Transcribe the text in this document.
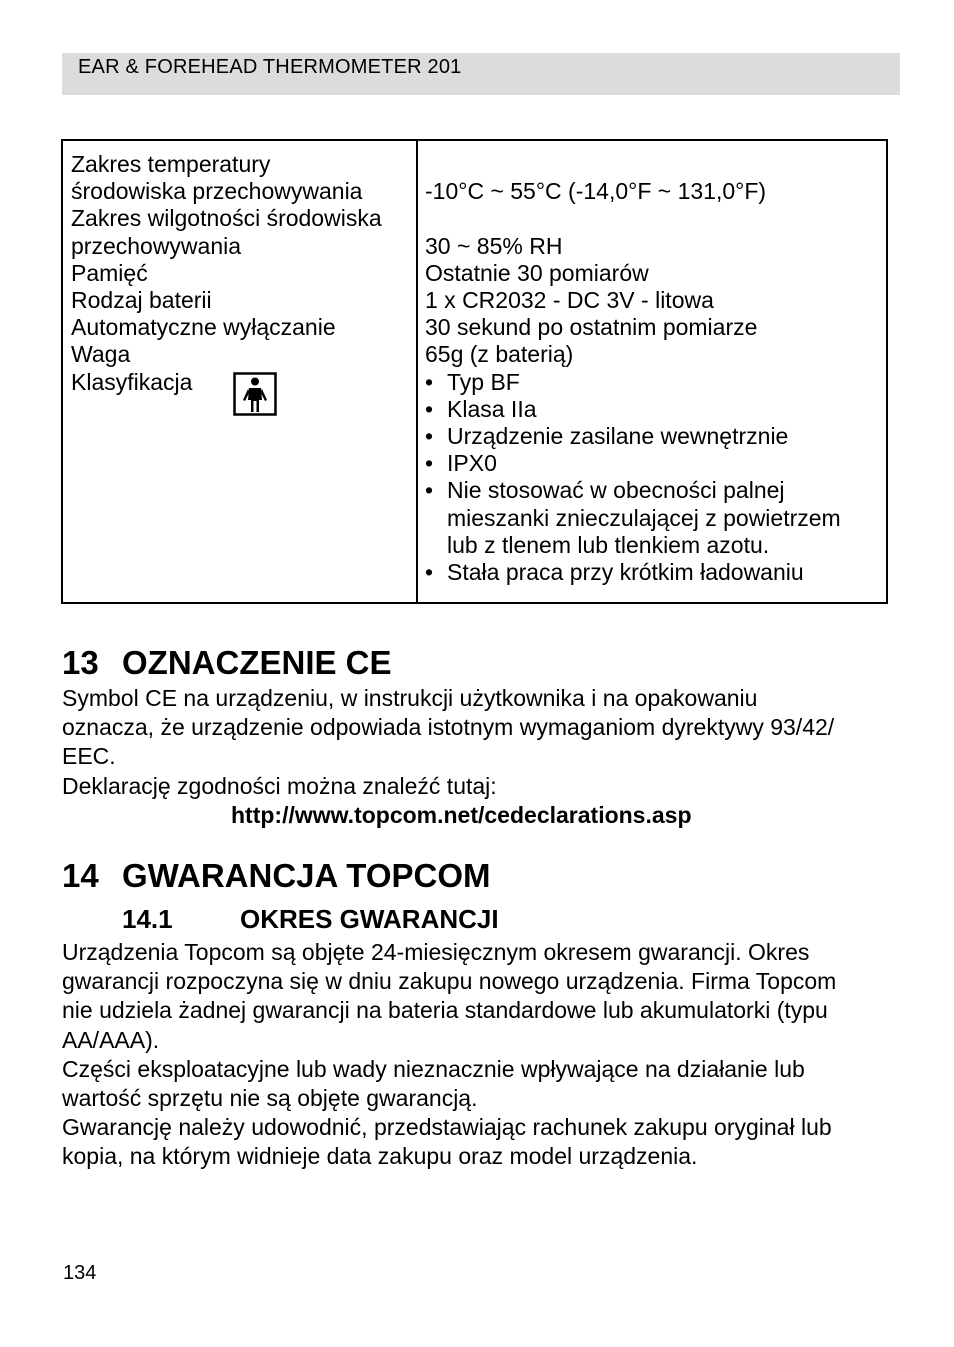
EAR & FOREHEAD THERMOMETER 201
Zakres temperatury
środowiska przechowywania
Zakres wilgotności środowiska
przechowywania
Pamięć
Rodzaj baterii
Automatyczne wyłączanie
Waga
Klasyfikacja
-10°C ~ 55°C (-14,0°F ~ 131,0°F)
30 ~ 85% RH
Ostatnie 30 pomiarów
1 x CR2032 - DC 3V - litowa
30 sekund po ostatnim pomiarze
65g (z baterią)
• Typ BF
• Klasa IIa
• Urządzenie zasilane wewnętrznie
• IPX0
• Nie stosować w obecności palnej
mieszanki znieczulającej z powietrzem
lub z tlenem lub tlenkiem azotu.
• Stała praca przy krótkim ładowaniu
13 OZNACZENIE CE
Symbol CE na urządzeniu, w instrukcji użytkownika i na opakowaniu
oznacza, że urządzenie odpowiada istotnym wymaganiom dyrektywy 93/42/
EEC.
Deklarację zgodności można znaleźć tutaj:
http://www.topcom.net/cedeclarations.asp
14 GWARANCJA TOPCOM
14.1	OKRES GWARANCJI
Urządzenia Topcom są objęte 24-miesięcznym okresem gwarancji. Okres
gwarancji rozpoczyna się w dniu zakupu nowego urządzenia. Firma Topcom
nie udziela żadnej gwarancji na bateria standardowe lub akumulatorki (typu
AA/AAA).
Części eksploatacyjne lub wady nieznacznie wpływające na działanie lub
wartość sprzętu nie są objęte gwarancją.
Gwarancję należy udowodnić, przedstawiając rachunek zakupu oryginał lub
kopia, na którym widnieje data zakupu oraz model urządzenia.
134
